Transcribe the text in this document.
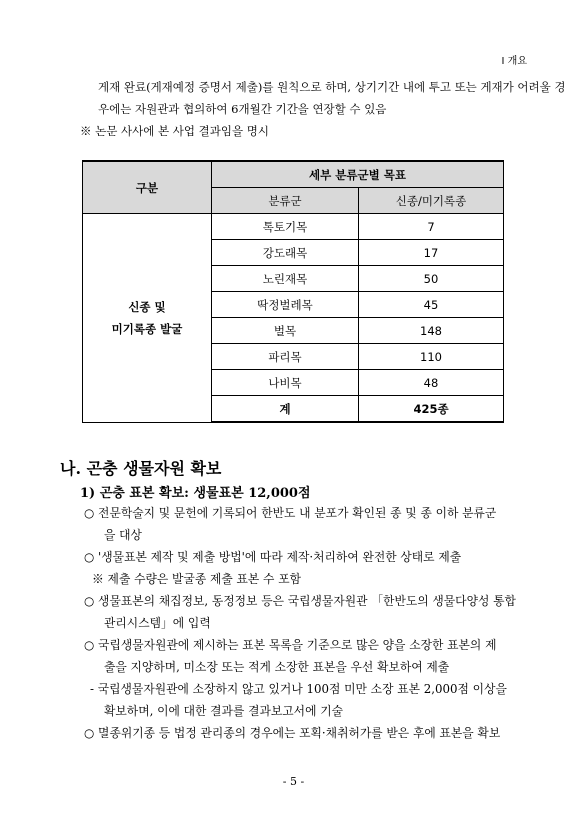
Ⅰ 개요
게재 완료(게재예정 증명서 제출)를 원칙으로 하며, 상기기간 내에 투고 또는 게재가 어려울 경
우에는 자원관과 협의하여 6개월간 기간을 연장할 수 있음
※ 논문 사사에 본 사업 결과임을 명시
구분	세부 분류군별 목표	
	분류군	신종/미기록종

신종 및
미기록종 발굴	톡토기목	7
	강도래목	17
	노린재목	50
	딱정벌레목	45
	벌목	148
	파리목	110
	나비목	48
	계	425종
나. 곤충 생물자원 확보
1) 곤충 표본 확보: 생물표본 12,000점
○ 전문학술지 및 문헌에 기록되어 한반도 내 분포가 확인된 종 및 종 이하 분류군
을 대상
○ '생물표본 제작 및 제출 방법'에 따라 제작·처리하여 완전한 상태로 제출
※ 제출 수량은 발굴종 제출 표본 수 포함
○ 생물표본의 채집정보, 동정정보 등은 국립생물자원관 「한반도의 생물다양성 통합
관리시스템」에 입력
○ 국립생물자원관에 제시하는 표본 목록을 기준으로 많은 양을 소장한 표본의 제
출을 지양하며, 미소장 또는 적게 소장한 표본을 우선 확보하여 제출
- 국립생물자원관에 소장하지 않고 있거나 100점 미만 소장 표본 2,000점 이상을
확보하며, 이에 대한 결과를 결과보고서에 기술
○ 멸종위기종 등 법정 관리종의 경우에는 포획·채취허가를 받은 후에 표본을 확보
- 5 -
